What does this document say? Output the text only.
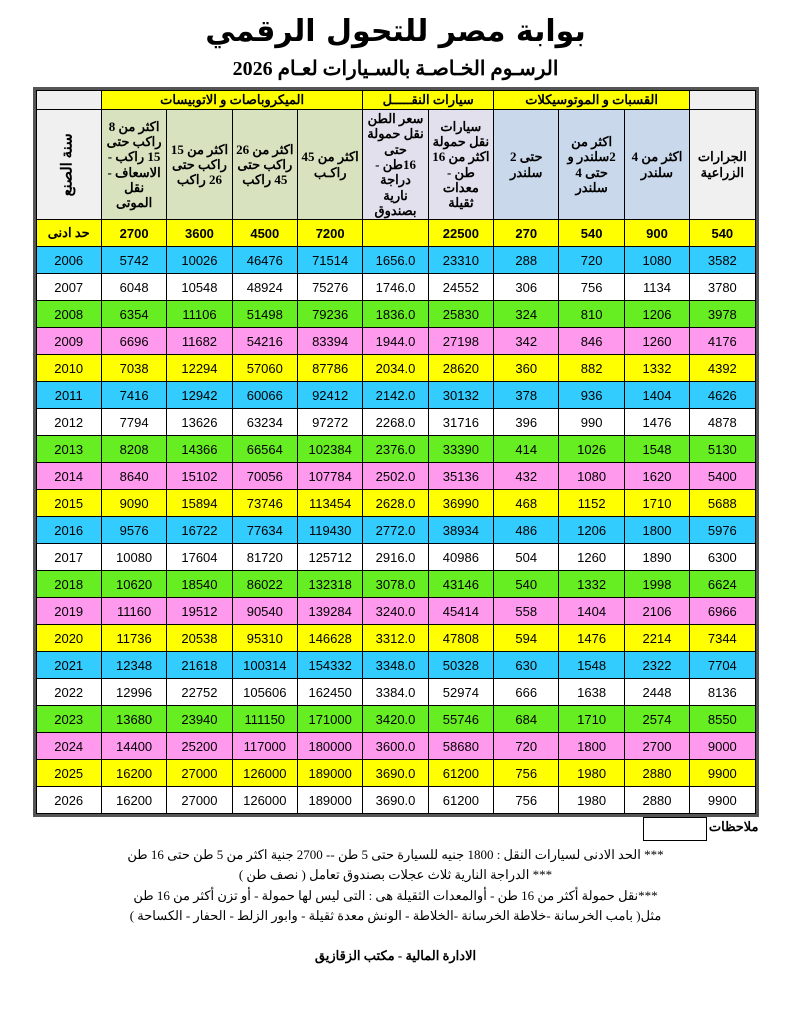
بوابة مصر للتحول الرقمي
الرسـوم الخـاصـة بالسـيارات لعـام 2026
	القسبات و الموتوسيكلات			سيارات النقـــــل		الميكروباصات و الاتوبيسات				
الجرارات الزراعية	اكثر من 4 سلندر	اكثر من 2سلندر و حتى 4 سلندر	حتى 2 سلندر	سيارات نقل حمولة اكثر من 16 طن - معدات ثقيلة	سعر الطن نقل حمولة حتى 16طن - دراجة نارية بصندوق	اكثر من 45 راكـب	اكثر من 26 راكب حتى 45 راكب	اكثر من 15 راكب حتى 26 راكب	اكثر من 8 راكب حتى 15 راكب - الاسعاف - نقل الموتى	سنة الصنع
540	900	540	270	22500		7200	4500	3600	2700	حد ادنى
3582	1080	720	288	23310	1656.0	71514	46476	10026	5742	2006
3780	1134	756	306	24552	1746.0	75276	48924	10548	6048	2007
3978	1206	810	324	25830	1836.0	79236	51498	11106	6354	2008
4176	1260	846	342	27198	1944.0	83394	54216	11682	6696	2009
4392	1332	882	360	28620	2034.0	87786	57060	12294	7038	2010
4626	1404	936	378	30132	2142.0	92412	60066	12942	7416	2011
4878	1476	990	396	31716	2268.0	97272	63234	13626	7794	2012
5130	1548	1026	414	33390	2376.0	102384	66564	14366	8208	2013
5400	1620	1080	432	35136	2502.0	107784	70056	15102	8640	2014
5688	1710	1152	468	36990	2628.0	113454	73746	15894	9090	2015
5976	1800	1206	486	38934	2772.0	119430	77634	16722	9576	2016
6300	1890	1260	504	40986	2916.0	125712	81720	17604	10080	2017
6624	1998	1332	540	43146	3078.0	132318	86022	18540	10620	2018
6966	2106	1404	558	45414	3240.0	139284	90540	19512	11160	2019
7344	2214	1476	594	47808	3312.0	146628	95310	20538	11736	2020
7704	2322	1548	630	50328	3348.0	154332	100314	21618	12348	2021
8136	2448	1638	666	52974	3384.0	162450	105606	22752	12996	2022
8550	2574	1710	684	55746	3420.0	171000	111150	23940	13680	2023
9000	2700	1800	720	58680	3600.0	180000	117000	25200	14400	2024
9900	2880	1980	756	61200	3690.0	189000	126000	27000	16200	2025
9900	2880	1980	756	61200	3690.0	189000	126000	27000	16200	2026
ملاحظات
*** الحد الادنى لسيارات النقل : 1800 جنيه للسيارة حتى 5 طن -- 2700 جنية اكثر من 5 طن حتى 16 طن
*** الدراجة النارية ثلاث عجلات بصندوق تعامل ( نصف طن )
***نقل حمولة أكثر من 16 طن - أوالمعدات الثقيلة هى : التى ليس لها حمولة - أو تزن أكثر من 16 طن
مثل( بامب الخرسانة -خلاطة الخرسانة -الخلاطة - الونش معدة ثقيلة - وابور الزلط - الحفار - الكساحة )
الادارة المالية - مكتب الزقازيق
